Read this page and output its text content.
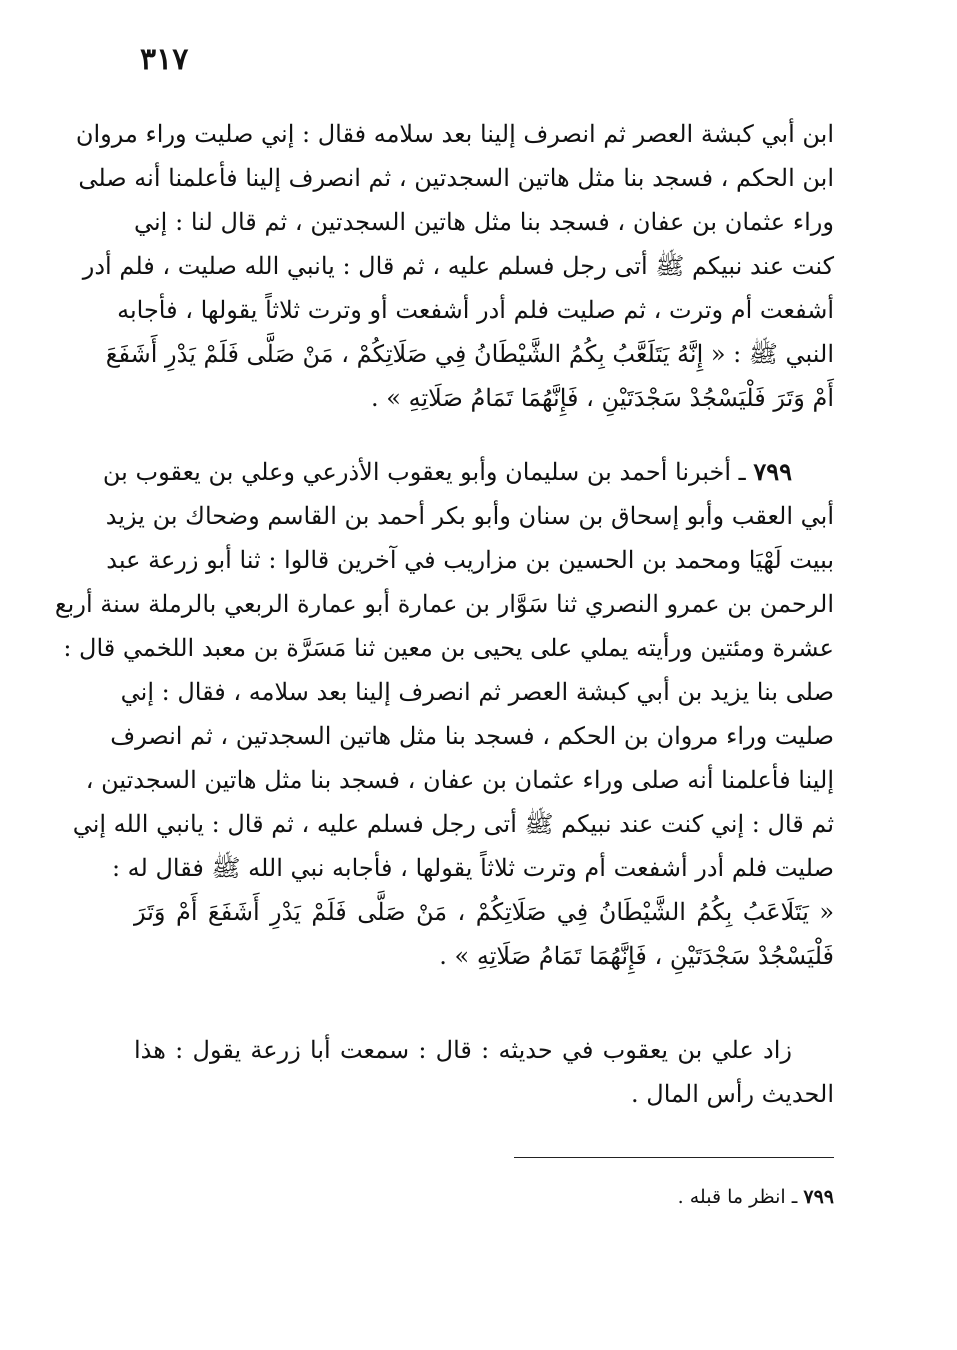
٣١٧
ابن أبي كبشة العصر ثم انصرف إلينا بعد سلامه فقال : إني صليت وراء مروان
ابن الحكم ، فسجد بنا مثل هاتين السجدتين ، ثم انصرف إلينا فأعلمنا أنه صلى
وراء عثمان بن عفان ، فسجد بنا مثل هاتين السجدتين ، ثم قال لنا : إني
كنت عند نبيكم ﷺ أتى رجل فسلم عليه ، ثم قال : يانبي الله صليت ، فلم أدر
أشفعت أم وترت ، ثم صليت فلم أدر أشفعت أو وترت ثلاثاً يقولها ، فأجابه
النبي ﷺ : « إِنَّهُ يَتَلَعَّبُ بِكُمُ الشَّيْطَانُ فِي صَلَاتِكُمْ ، مَنْ صَلَّى فَلَمْ يَدْرِ أَشَفَعَ
أَمْ وَتَرَ فَلْيَسْجُدْ سَجْدَتَيْنِ ، فَإِنَّهُمَا تَمَامُ صَلَاتِهِ » .
٧٩٩ ـ أخبرنا أحمد بن سليمان وأبو يعقوب الأذرعي وعلي بن يعقوب بن
أبي العقب وأبو إسحاق بن سنان وأبو بكر أحمد بن القاسم وضحاك بن يزيد
ببيت لَهْيَا ومحمد بن الحسين بن مزاريب في آخرين قالوا : ثنا أبو زرعة عبد
الرحمن بن عمرو النصري ثنا سَوَّار بن عمارة أبو عمارة الربعي بالرملة سنة أربع
عشرة ومئتين ورأيته يملي على يحيى بن معين ثنا مَسَرَّة بن معبد اللخمي قال :
صلى بنا يزيد بن أبي كبشة العصر ثم انصرف إلينا بعد سلامه ، فقال : إني
صليت وراء مروان بن الحكم ، فسجد بنا مثل هاتين السجدتين ، ثم انصرف
إلينا فأعلمنا أنه صلى وراء عثمان بن عفان ، فسجد بنا مثل هاتين السجدتين ،
ثم قال : إني كنت عند نبيكم ﷺ أتى رجل فسلم عليه ، ثم قال : يانبي الله إني
صليت فلم أدر أشفعت أم وترت ثلاثاً يقولها ، فأجابه نبي الله ﷺ فقال له :
« يَتَلَاعَبُ بِكُمُ الشَّيْطَانُ فِي صَلَاتِكُمْ ، مَنْ صَلَّى فَلَمْ يَدْرِ أَشَفَعَ أَمْ وَتَرَ
فَلْيَسْجُدْ سَجْدَتَيْنِ ، فَإِنَّهُمَا تَمَامُ صَلَاتِهِ » .
زاد علي بن يعقوب في حديثه : قال : سمعت أبا زرعة يقول : هذا
الحديث رأس المال .
٧٩٩ ـ انظر ما قبله .
